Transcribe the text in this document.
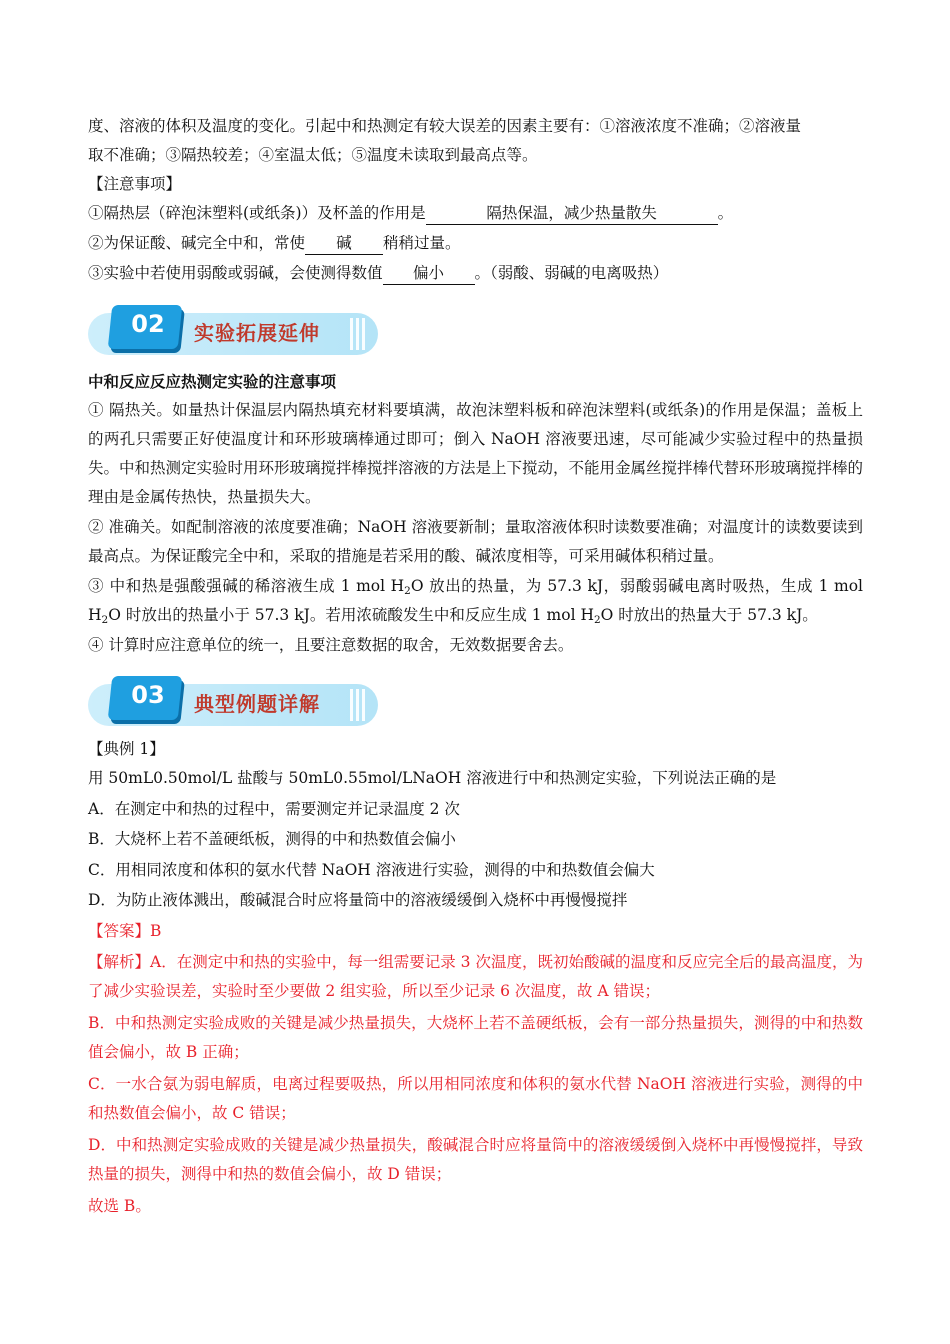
度、溶液的体积及温度的变化。引起中和热测定有较大误差的因素主要有：①溶液浓度不准确；②溶液量

取不准确；③隔热较差；④室温太低；⑤温度未读取到最高点等。

【注意事项】

①隔热层（碎泡沫塑料(或纸条)）及杯盖的作用是	隔热保温，减少热量散失	。

②为保证酸、碱完全中和，常使 碱 稍稍过量。

③实验中若使用弱酸或弱碱，会使测得数值 偏小 。（弱酸、弱碱的电离吸热）

02	实验拓展延伸

中和反应反应热测定实验的注意事项

① 隔热关。如量热计保温层内隔热填充材料要填满，故泡沫塑料板和碎泡沫塑料(或纸条)的作用是保温；盖板上的两孔只需要正好使温度计和环形玻璃棒通过即可；倒入 NaOH 溶液要迅速，尽可能减少实验过程中的热量损失。中和热测定实验时用环形玻璃搅拌棒搅拌溶液的方法是上下搅动，不能用金属丝搅拌棒代替环形玻璃搅拌棒的理由是金属传热快，热量损失大。

② 准确关。如配制溶液的浓度要准确；NaOH 溶液要新制；量取溶液体积时读数要准确；对温度计的读数要读到最高点。为保证酸完全中和，采取的措施是若采用的酸、碱浓度相等，可采用碱体积稍过量。

③ 中和热是强酸强碱的稀溶液生成 1 mol $H_2O$ 放出的热量，为 57.3 kJ，弱酸弱碱电离时吸热，生成 1 mol $H_2O$ 时放出的热量小于 57.3 kJ。若用浓硫酸发生中和反应生成 1 mol $H_2O$ 时放出的热量大于 57.3 kJ。

④ 计算时应注意单位的统一，且要注意数据的取舍，无效数据要舍去。

03	典型例题详解

【典例 1】

用 50mL0.50mol/L 盐酸与 50mL0.55mol/LNaOH 溶液进行中和热测定实验，下列说法正确的是

A．在测定中和热的过程中，需要测定并记录温度 2 次

B．大烧杯上若不盖硬纸板，测得的中和热数值会偏小

C．用相同浓度和体积的氨水代替 NaOH 溶液进行实验，测得的中和热数值会偏大

D．为防止液体溅出，酸碱混合时应将量筒中的溶液缓缓倒入烧杯中再慢慢搅拌

【答案】B

【解析】A．在测定中和热的实验中，每一组需要记录 3 次温度，既初始酸碱的温度和反应完全后的最高温度，为了减少实验误差，实验时至少要做 2 组实验，所以至少记录 6 次温度，故 A 错误；

B．中和热测定实验成败的关键是减少热量损失，大烧杯上若不盖硬纸板，会有一部分热量损失，测得的中和热数值会偏小，故 B 正确；

C．一水合氨为弱电解质，电离过程要吸热，所以用相同浓度和体积的氨水代替 NaOH 溶液进行实验，测得的中和热数值会偏小，故 C 错误；

D．中和热测定实验成败的关键是减少热量损失，酸碱混合时应将量筒中的溶液缓缓倒入烧杯中再慢慢搅拌，导致热量的损失，测得中和热的数值会偏小，故 D 错误；

故选 B。
